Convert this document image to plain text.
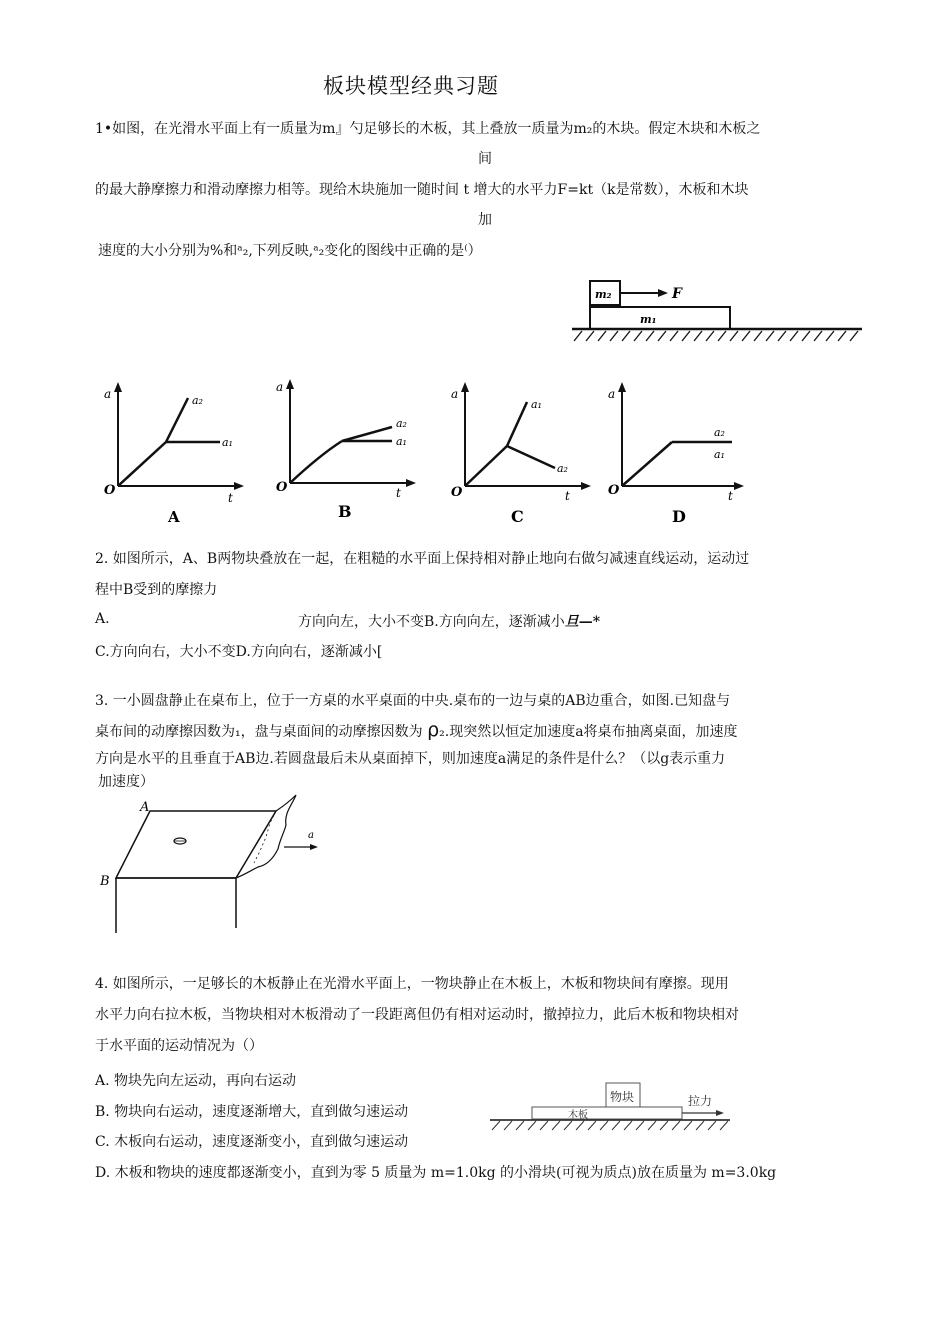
板块模型经典习题
1•如图，在光滑水平面上有一质量为m』勺足够长的木板，其上叠放一质量为m₂的木块。假定木块和木板之
间
的最大静摩擦力和滑动摩擦力相等。现给木块施加一随时间 t 增大的水平力F=kt（k是常数），木板和木块
加
速度的大小分别为%和ᵃ₂,下列反映,ᵃ₂变化的图线中正确的是⁽）
F
m₂
m₁
a
t
O
a₂
a₁
A
a
t
O
a₂
a₁
B
a
t
O
a₁
a₂
C
a
t
O
a₂
a₁
D
2. 如图所示，A、B两物块叠放在一起，在粗糙的水平面上保持相对静止地向右做匀减速直线运动，运动过
程中B受到的摩擦力
A.	方向向左，大小不变B.方向向左，逐渐减小旦—*
C.方向向右，大小不变D.方向向右，逐渐减小[
3. 一小圆盘静止在桌布上，位于一方桌的水平桌面的中央.桌布的一边与桌的AB边重合，如图.已知盘与
桌布间的动摩擦因数为₁，盘与桌面间的动摩擦因数为 ρ₂.现突然以恒定加速度a将桌布抽离桌面，加速度
方向是水平的且垂直于AB边.若圆盘最后未从桌面掉下，则加速度a满足的条件是什么？（以g表示重力
加速度）
a
A
B
4. 如图所示，一足够长的木板静止在光滑水平面上，一物块静止在木板上，木板和物块间有摩擦。现用
水平力向右拉木板，当物块相对木板滑动了一段距离但仍有相对运动时，撤掉拉力，此后木板和物块相对
于水平面的运动情况为（）
A. 物块先向左运动，再向右运动
B. 物块向右运动，速度逐渐增大，直到做匀速运动
C. 木板向右运动，速度逐渐变小，直到做匀速运动
D. 木板和物块的速度都逐渐变小，直到为零 5 质量为 m=1.0kg 的小滑块(可视为质点)放在质量为 m=3.0kg
物块
木板
拉力
